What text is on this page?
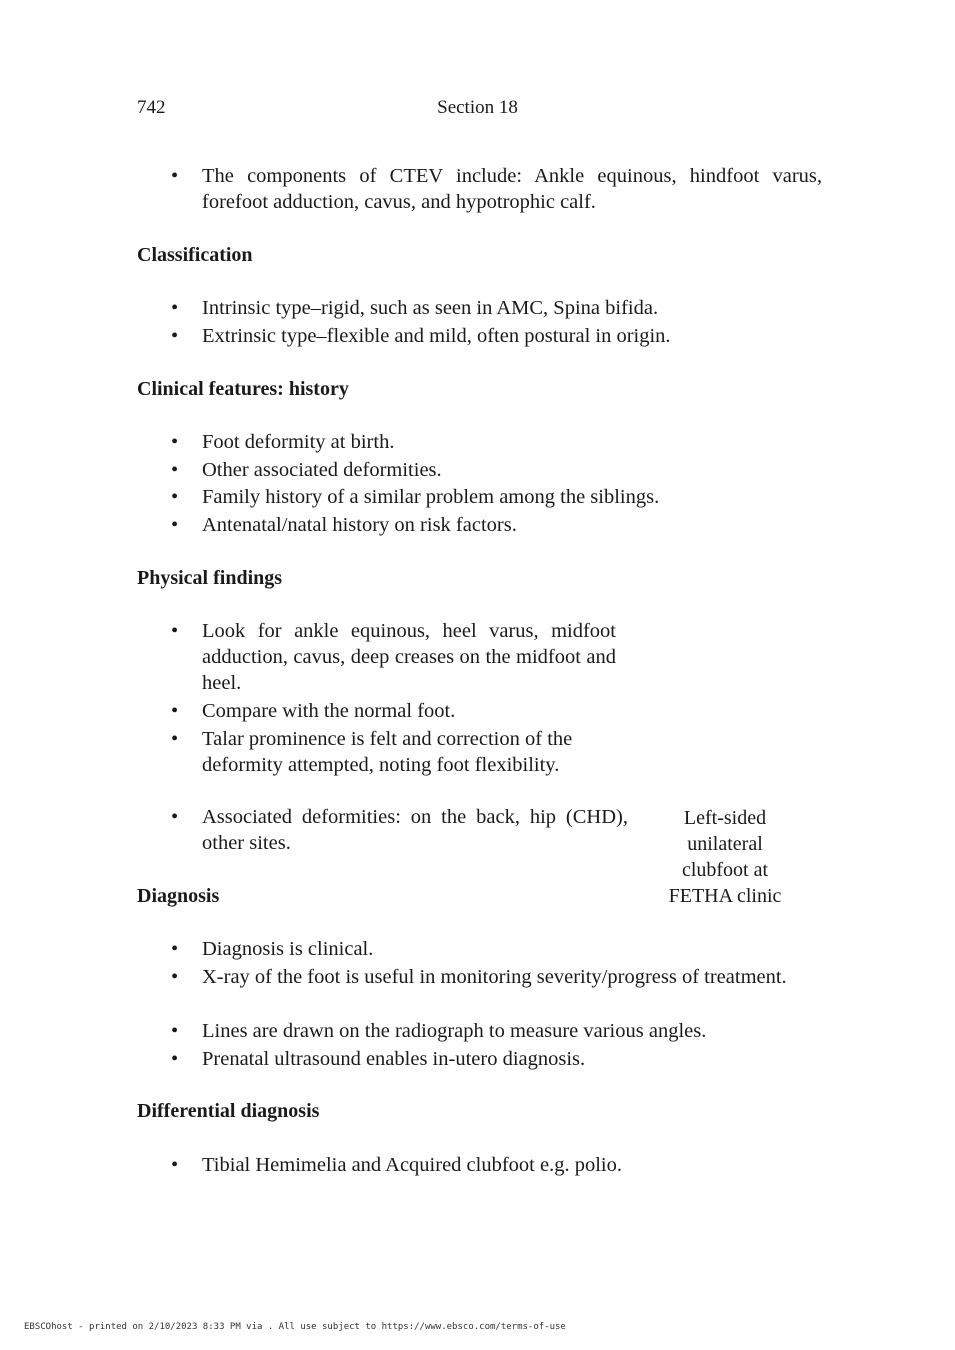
742	Section 18
• The components of CTEV include: Ankle equinous, hindfoot varus, forefoot adduction, cavus, and hypotrophic calf.
Classification
• Intrinsic type–rigid, such as seen in AMC, Spina bifida.
• Extrinsic type–flexible and mild, often postural in origin.
Clinical features: history
• Foot deformity at birth.
• Other associated deformities.
• Family history of a similar problem among the siblings.
• Antenatal/natal history on risk factors.
Physical findings
• Look for ankle equinous, heel varus, midfoot adduction, cavus, deep creases on the midfoot and heel.
• Compare with the normal foot.
• Talar prominence is felt and correction of the deformity attempted, noting foot flexibility.
• Associated deformities: on the back, hip (CHD), other sites.
Left-sided
unilateral
clubfoot at
FETHA clinic
Diagnosis
• Diagnosis is clinical.
• X-ray of the foot is useful in monitoring severity/progress of treatment.
• Lines are drawn on the radiograph to measure various angles.
• Prenatal ultrasound enables in-utero diagnosis.
Differential diagnosis
• Tibial Hemimelia and Acquired clubfoot e.g. polio.
EBSCOhost - printed on 2/10/2023 8:33 PM via . All use subject to https://www.ebsco.com/terms-of-use
